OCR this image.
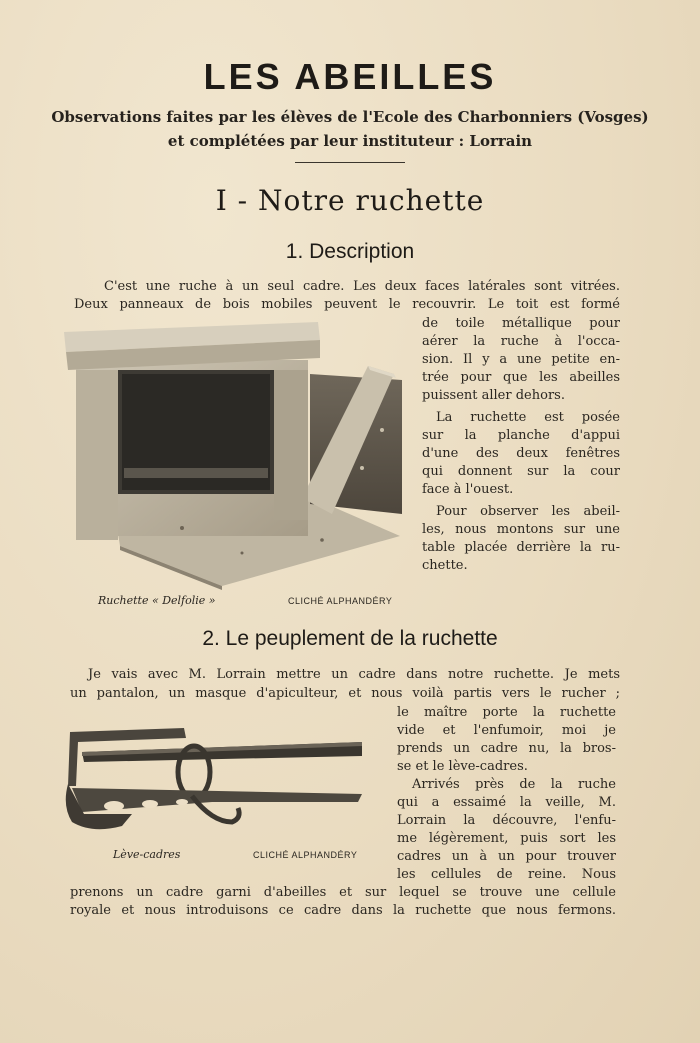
LES ABEILLES
Observations faites par les élèves de l'Ecole des Charbonniers (Vosges)
et complétées par leur instituteur : Lorrain
I - Notre ruchette
1. Description
C'est une ruche à un seul cadre. Les deux faces latérales sont vitrées.
Deux panneaux de bois mobiles peuvent le recouvrir. Le toit est formé
de toile métallique pour
aérer la ruche à l'occa-
sion. Il y a une petite en-
trée pour que les abeilles
puissent aller dehors.
La ruchette est posée
sur la planche d'appui
d'une des deux fenêtres
qui donnent sur la cour
face à l'ouest.
Pour observer les abeil-
les, nous montons sur une
table placée derrière la ru-
chette.
Ruchette « Delfolie »	CLICHÉ ALPHANDÉRY
2. Le peuplement de la ruchette
Je vais avec M. Lorrain mettre un cadre dans notre ruchette. Je mets
un pantalon, un masque d'apiculteur, et nous voilà partis vers le rucher ;
le maître porte la ruchette
vide et l'enfumoir, moi je
prends un cadre nu, la bros-
se et le lève-cadres.
Arrivés près de la ruche
qui a essaimé la veille, M.
Lorrain la découvre, l'enfu-
me légèrement, puis sort les
cadres un à un pour trouver
les cellules de reine. Nous
prenons un cadre garni d'abeilles et sur lequel se trouve une cellule
royale et nous introduisons ce cadre dans la ruchette que nous fermons.
Lève-cadres	CLICHÉ ALPHANDÉRY
